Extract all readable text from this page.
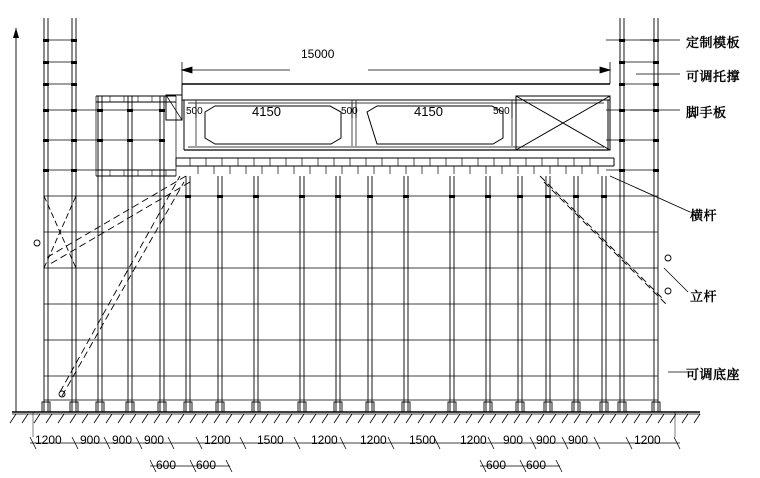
15000
4150	4150
500	500	500
定制模板
可调托撑
脚手板
横杆
立杆
可调底座
1200 900 900 900	1200 1500 1200 1200 1500 1200 900 900 900	1200
600 600	600 600
